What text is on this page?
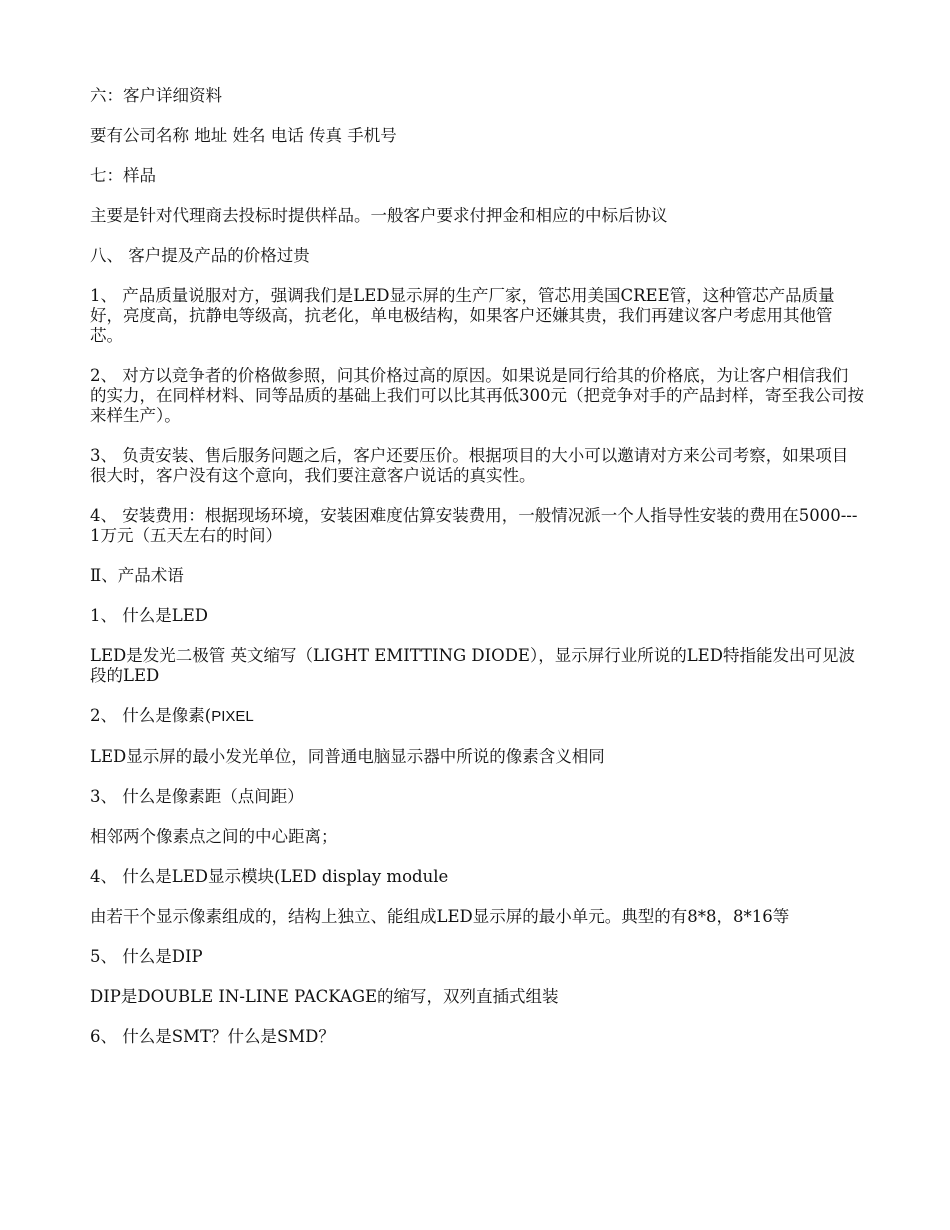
六：客户详细资料

要有公司名称 地址 姓名 电话 传真 手机号

七：样品

主要是针对代理商去投标时提供样品。一般客户要求付押金和相应的中标后协议

八、 客户提及产品的价格过贵

1、 产品质量说服对方，强调我们是LED显示屏的生产厂家，管芯用美国CREE管，这种管芯产品质量好，亮度高，抗静电等级高，抗老化，单电极结构，如果客户还嫌其贵，我们再建议客户考虑用其他管芯。

2、 对方以竞争者的价格做参照，问其价格过高的原因。如果说是同行给其的价格底，为让客户相信我们的实力，在同样材料、同等品质的基础上我们可以比其再低300元（把竞争对手的产品封样，寄至我公司按来样生产）。

3、 负责安装、售后服务问题之后，客户还要压价。根据项目的大小可以邀请对方来公司考察，如果项目很大时，客户没有这个意向，我们要注意客户说话的真实性。

4、 安装费用：根据现场环境，安装困难度估算安装费用，一般情况派一个人指导性安装的费用在5000---1万元（五天左右的时间）

Ⅱ、产品术语

1、 什么是LED

LED是发光二极管 英文缩写（LIGHT EMITTING DIODE），显示屏行业所说的LED特指能发出可见波段的LED

2、 什么是像素(PIXEL

LED显示屏的最小发光单位，同普通电脑显示器中所说的像素含义相同

3、 什么是像素距（点间距）

相邻两个像素点之间的中心距离；

4、 什么是LED显示模块(LED display module

由若干个显示像素组成的，结构上独立、能组成LED显示屏的最小单元。典型的有8*8，8*16等

5、 什么是DIP

DIP是DOUBLE IN-LINE PACKAGE的缩写，双列直插式组装

6、 什么是SMT？什么是SMD？
